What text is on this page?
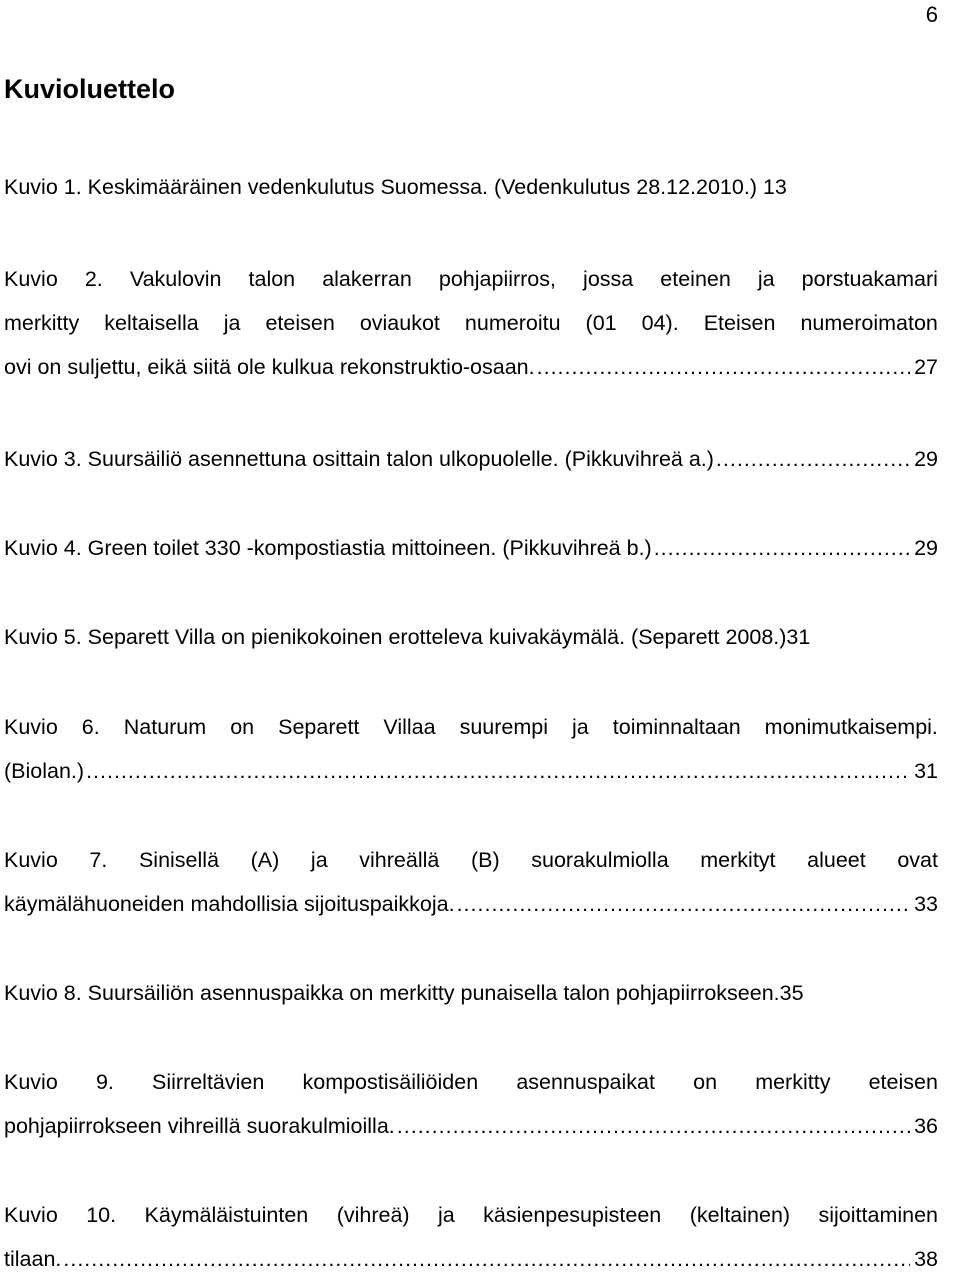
6
Kuvioluettelo
Kuvio 1. Keskimääräinen vedenkulutus Suomessa. (Vedenkulutus 28.12.2010.) 13
Kuvio 2. Vakulovin talon alakerran pohjapiirros, jossa eteinen ja porstuakamari
merkitty keltaisella ja eteisen oviaukot numeroitu (01 04). Eteisen numeroimaton
ovi on suljettu, eikä siitä ole kulkua rekonstruktio-osaan. .....	27
Kuvio 3. Suursäiliö asennettuna osittain talon ulkopuolelle. (Pikkuvihreä a.) .....	29
Kuvio 4. Green toilet 330 -kompostiastia mittoineen. (Pikkuvihreä b.) .....	29
Kuvio 5. Separett Villa on pienikokoinen erotteleva kuivakäymälä. (Separett 2008.)31
Kuvio 6. Naturum on Separett Villaa suurempi ja toiminnaltaan monimutkaisempi.
(Biolan.) .....	31
Kuvio 7. Sinisellä (A) ja vihreällä (B) suorakulmiolla merkityt alueet ovat
käymälähuoneiden mahdollisia sijoituspaikkoja. .....	33
Kuvio 8. Suursäiliön asennuspaikka on merkitty punaisella talon pohjapiirrokseen.35
Kuvio 9. Siirreltävien kompostisäiliöiden asennuspaikat on merkitty eteisen
pohjapiirrokseen vihreillä suorakulmioilla. .....	36
Kuvio 10. Käymäläistuinten (vihreä) ja käsienpesupisteen (keltainen) sijoittaminen
tilaan. .....	38
